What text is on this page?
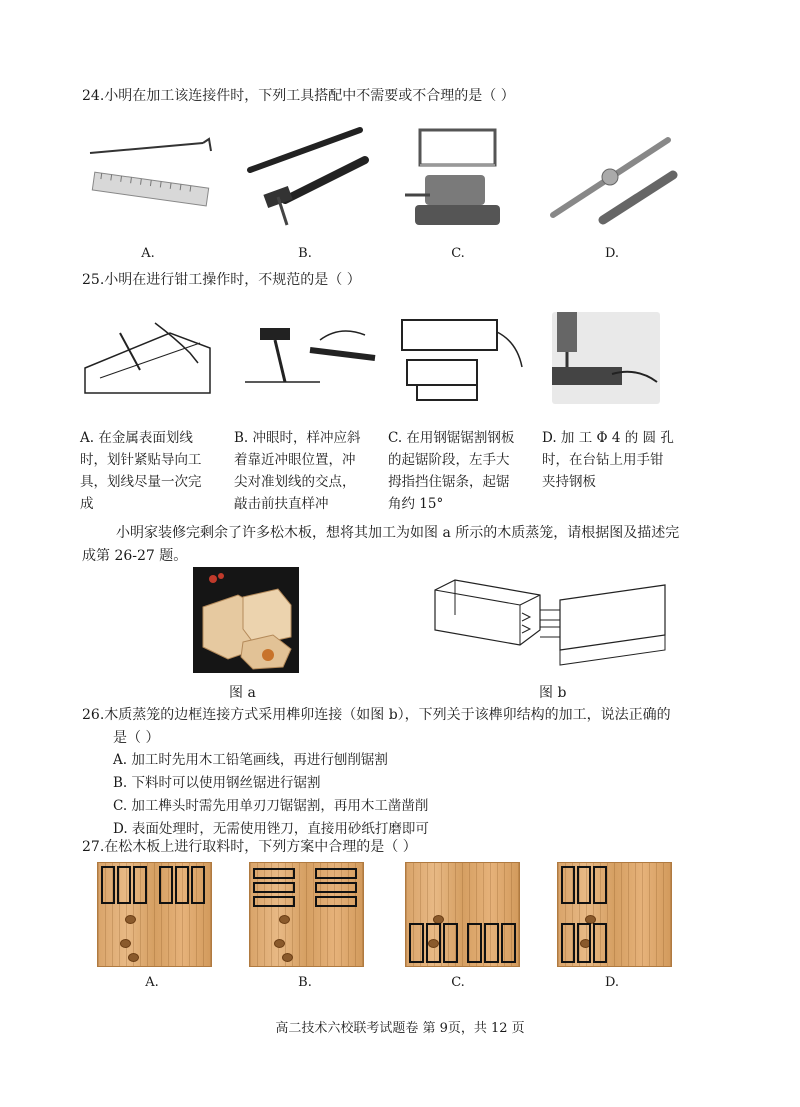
24.小明在加工该连接件时，下列工具搭配中不需要或不合理的是（ ）
A.	B.	C.	D.
25.小明在进行钳工操作时，不规范的是（ ）
A. 在金属表面划线
时，划针紧贴导向工
具，划线尽量一次完
成
B. 冲眼时，样冲应斜
着靠近冲眼位置，冲
尖对准划线的交点，
敲击前扶直样冲
C. 在用钢锯锯割钢板
的起锯阶段，左手大
拇指挡住锯条，起锯
角约 15°
D. 加 工 Φ 4 的 圆 孔
时，在台钻上用手钳
夹持钢板
小明家装修完剩余了许多松木板，想将其加工为如图 a 所示的木质蒸笼，请根据图及描述完
成第 26-27 题。
图 a	图 b
26.木质蒸笼的边框连接方式采用榫卯连接（如图 b），下列关于该榫卯结构的加工，说法正确的
是（ ）
A. 加工时先用木工铅笔画线，再进行刨削锯割
B. 下料时可以使用钢丝锯进行锯割
C. 加工榫头时需先用单刃刀锯锯割，再用木工凿凿削
D. 表面处理时，无需使用锉刀，直接用砂纸打磨即可
27.在松木板上进行取料时，下列方案中合理的是（ ）
A.	B.	C.	D.
高二技术六校联考试题卷 第 9页，共 12 页
